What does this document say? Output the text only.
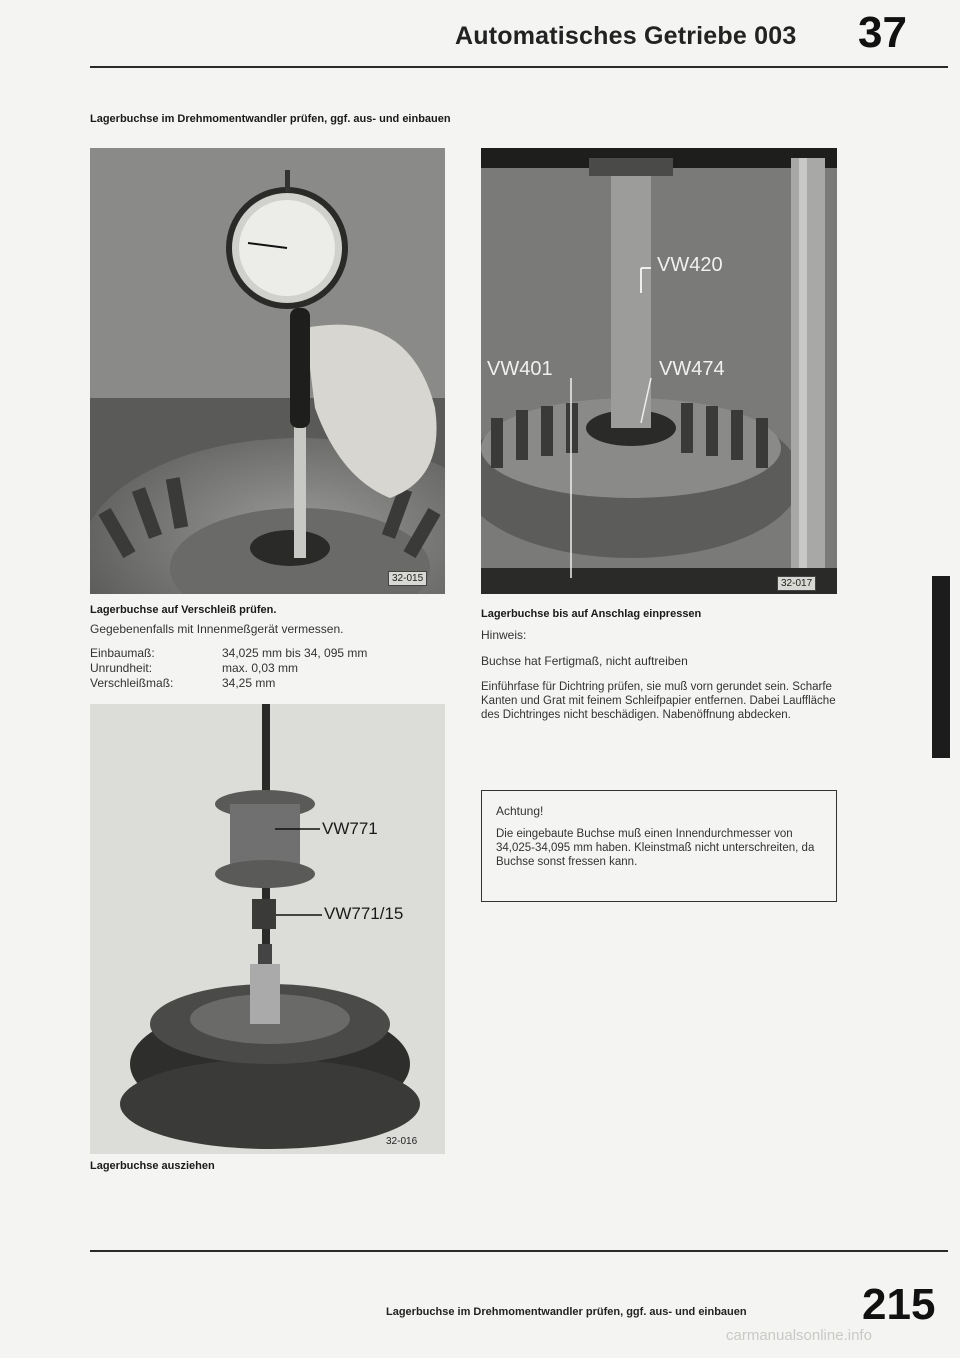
Automatisches Getriebe 003 37
Lagerbuchse im Drehmomentwandler prüfen, ggf. aus- und einbauen
32-015
VW420
VW401	VW474
32-017
Lagerbuchse auf Verschleiß prüfen.
Gegebenenfalls mit Innenmeßgerät vermessen.
Einbaumaß:	34,025 mm bis 34, 095 mm
Unrundheit:	max. 0,03 mm
Verschleißmaß:	34,25 mm
VW771
VW771/15
32-016
Lagerbuchse ausziehen
Lagerbuchse bis auf Anschlag einpressen
Hinweis:
Buchse hat Fertigmaß, nicht auftreiben
Einführfase für Dichtring prüfen, sie muß vorn gerundet sein. Scharfe Kanten und Grat mit feinem Schleifpapier entfernen. Dabei Lauffläche des Dichtringes nicht beschädigen. Nabenöffnung abdecken.
Achtung!
Die eingebaute Buchse muß einen Innendurchmesser von 34,025-34,095 mm haben. Kleinstmaß nicht unterschreiten, da Buchse sonst fressen kann.
Lagerbuchse im Drehmomentwandler prüfen, ggf. aus- und einbauen	215
carmanualsonline.info
